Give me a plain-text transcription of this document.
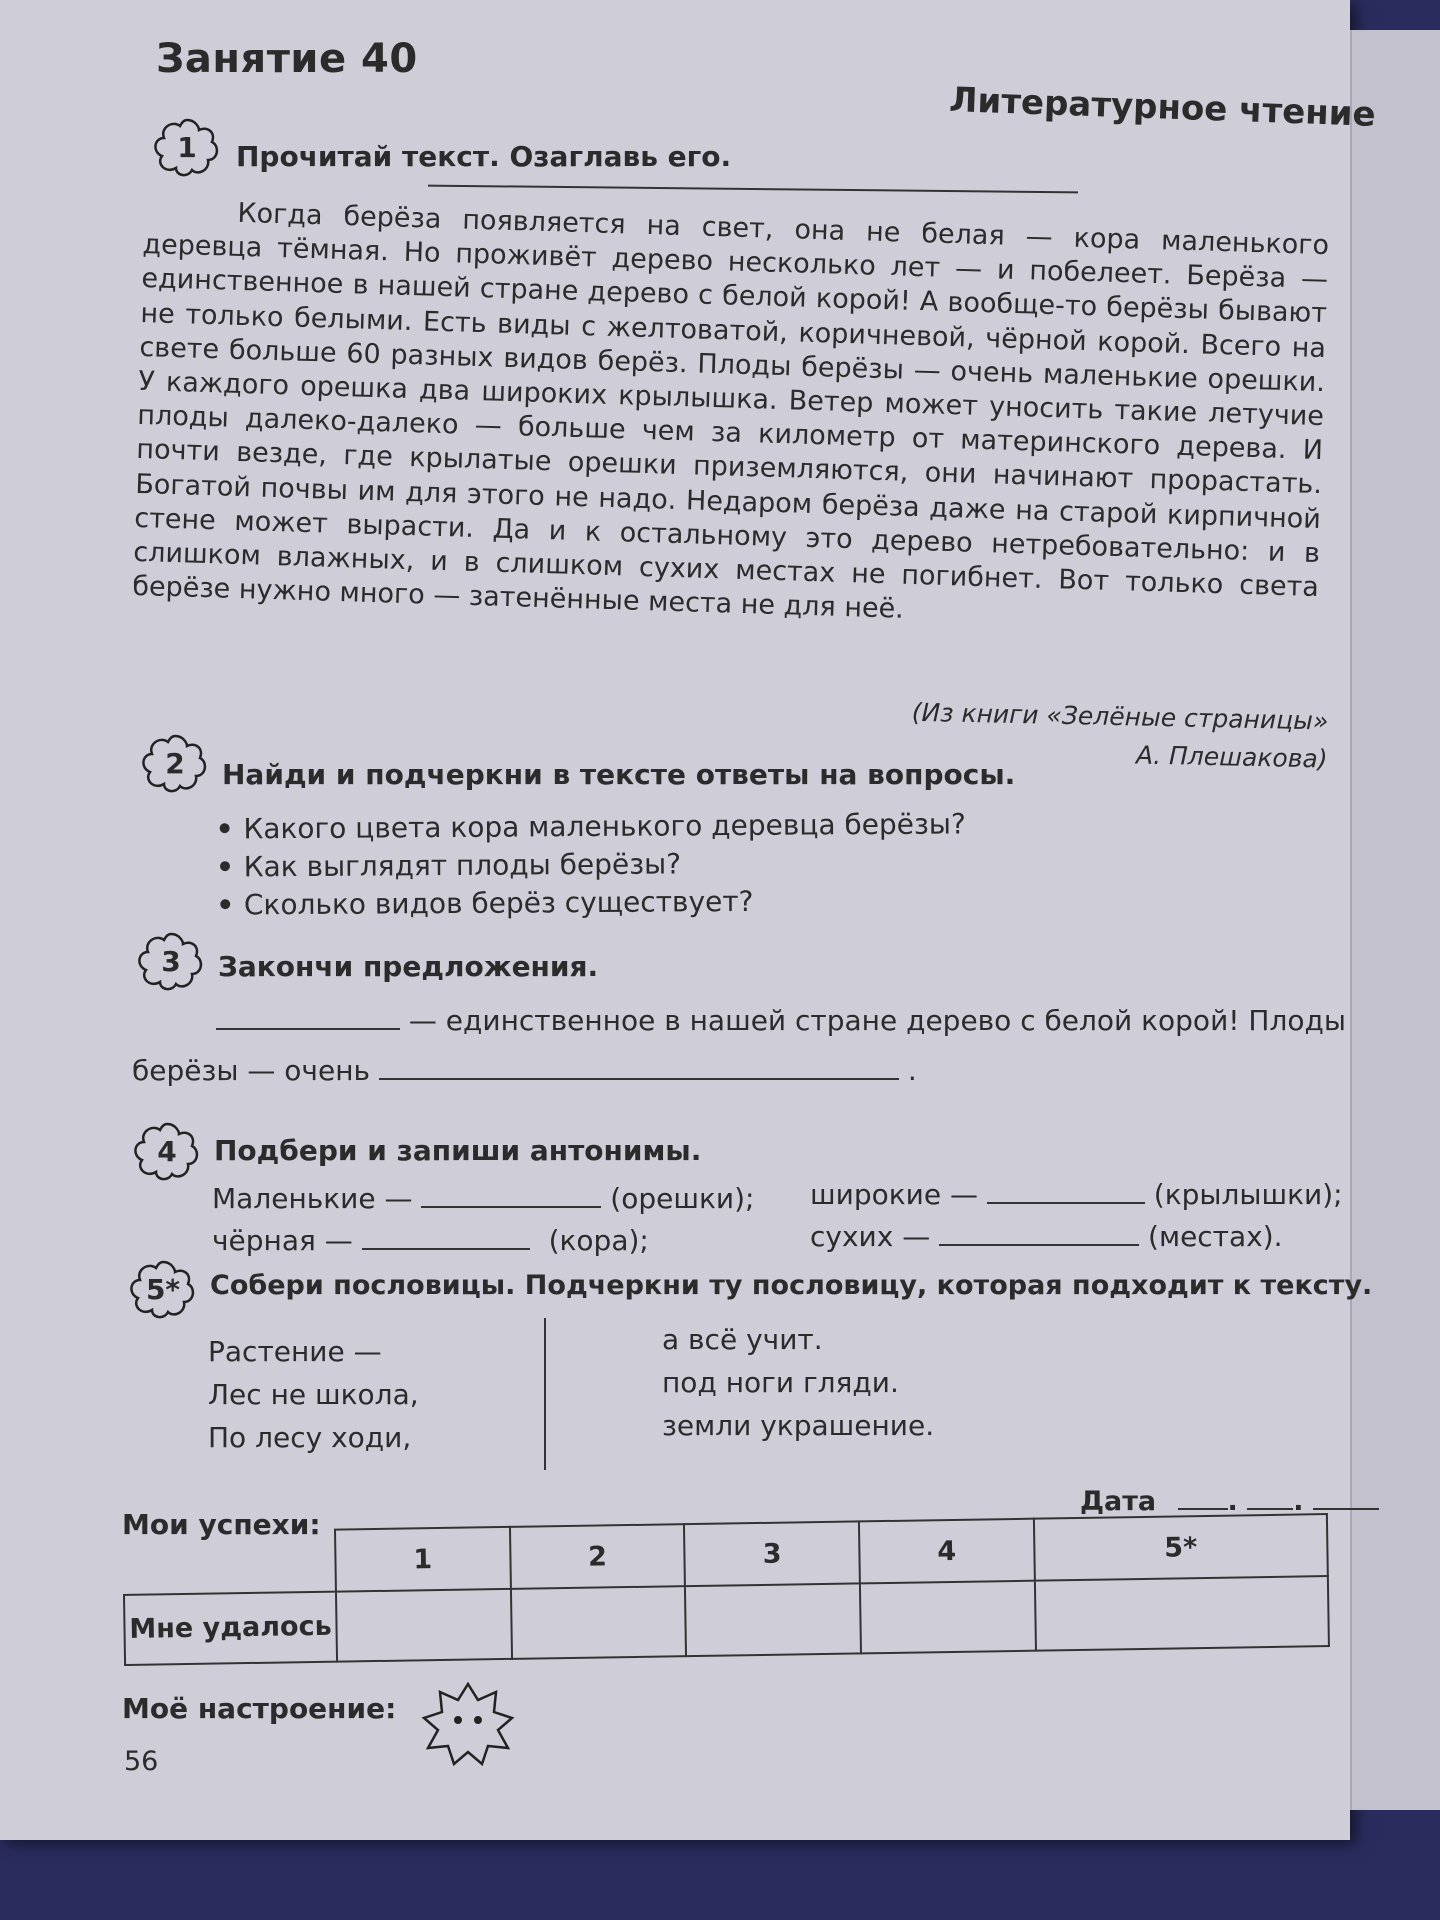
Занятие 40
Литературное чтение
1	Прочитай текст. Озаглавь его.

Когда берёза появляется на свет, она не белая — кора маленького деревца тёмная. Но проживёт дерево несколько лет — и побелеет. Берёза — единственное в нашей стране дерево с белой корой! А вообще-то берёзы бывают не только белыми. Есть виды с желтоватой, коричневой, чёрной корой. Всего на свете больше 60 разных видов берёз. Плоды берёзы — очень маленькие орешки. У каждого орешка два широких крылышка. Ветер может уносить такие летучие плоды далеко-далеко — больше чем за километр от материнского дерева. И почти везде, где крылатые орешки приземляются, они начинают прорастать. Богатой почвы им для этого не надо. Недаром берёза даже на старой кирпичной стене может вырасти. Да и к остальному это дерево нетребовательно: и в слишком влажных, и в слишком сухих местах не погибнет. Вот только света берёзе нужно много — затенённые места не для неё.

(Из книги «Зелёные страницы»
А. Плешакова)
2	Найди и подчеркни в тексте ответы на вопросы.
• Какого цвета кора маленького деревца берёзы?
• Как выглядят плоды берёзы?
• Сколько видов берёз существует?
3	Закончи предложения.
— единственное в нашей стране дерево с белой корой! Плоды
берёзы — очень	.
4	Подбери и запиши антонимы.
Маленькие —	(орешки); широкие —	(крылышки);
чёрная —	(кора);	сухих —	(местах).
5*	Собери пословицы. Подчеркни ту пословицу, которая подходит к тексту.
Растение —
Лес не школа,
По лесу ходи,
а всё учит.
под ноги гляди.
земли украшение.
Дата	. .
Мои успехи:
	1	2	3	4	5*
Мне удалось					
Моё настроение:
56
